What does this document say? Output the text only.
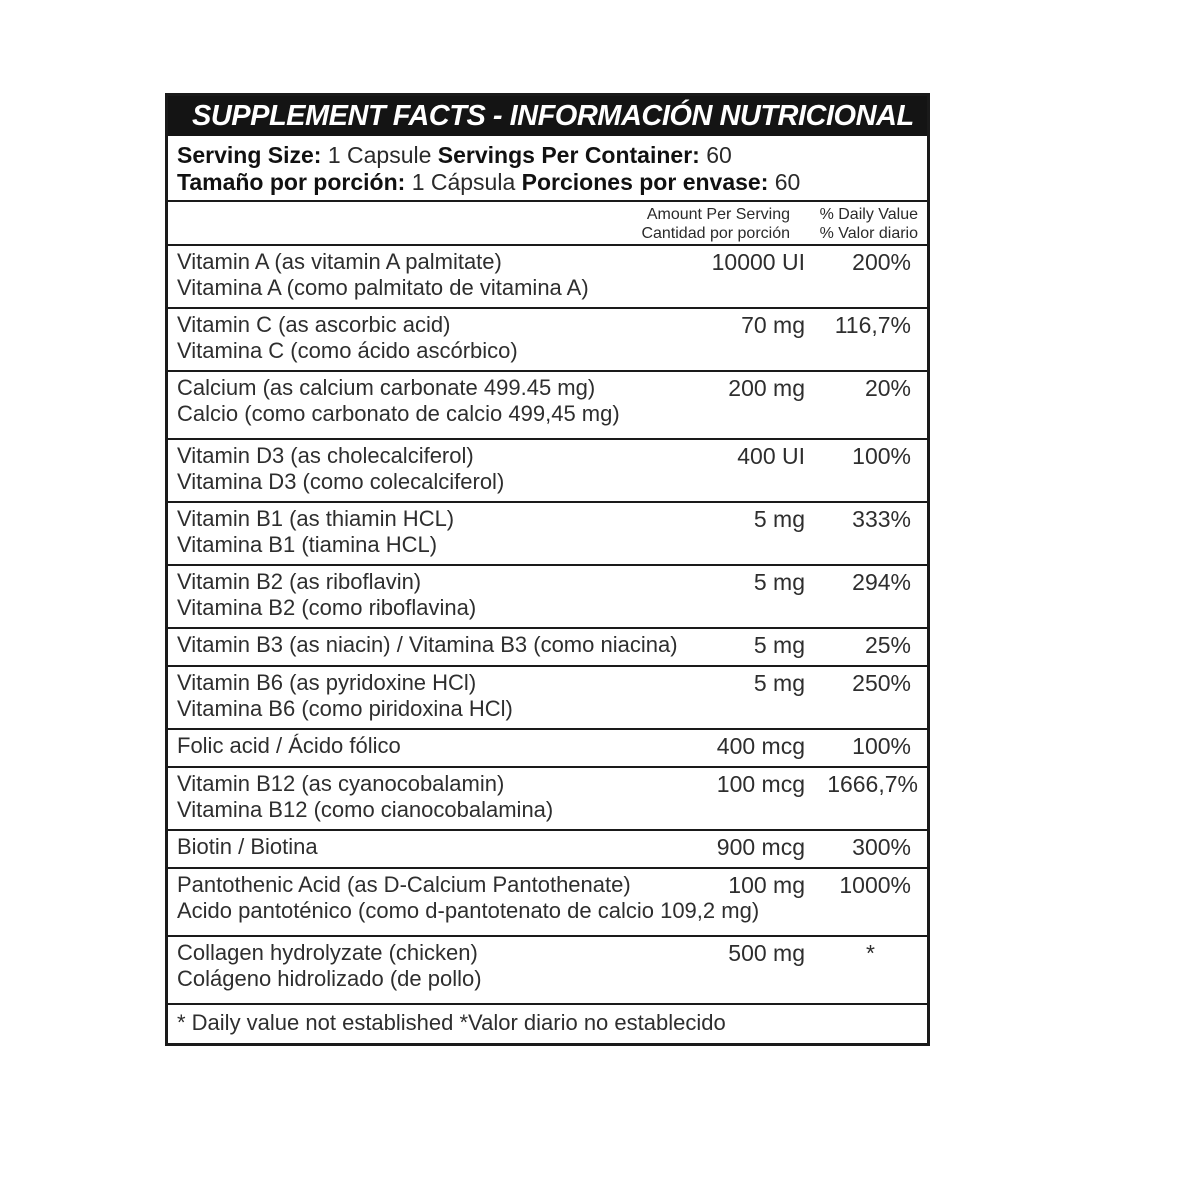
SUPPLEMENT FACTS - INFORMACIÓN NUTRICIONAL
Serving Size: 1 Capsule Servings Per Container: 60
Tamaño por porción: 1 Cápsula Porciones por envase: 60
Amount Per Serving
Cantidad por porción
% Daily Value
% Valor diario
Vitamin A (as vitamin A palmitate)
Vitamina A (como palmitato de vitamina A)
10000 UI 200%
Vitamin C (as ascorbic acid)
Vitamina C (como ácido ascórbico)
70 mg 116,7%
Calcium (as calcium carbonate 499.45 mg)
Calcio (como carbonato de calcio 499,45 mg)
200 mg	20%
Vitamin D3 (as cholecalciferol)
Vitamina D3 (como colecalciferol)
400 UI 100%
Vitamin B1 (as thiamin HCL)
Vitamina B1 (tiamina HCL)
5 mg 333%
Vitamin B2 (as riboflavin)
Vitamina B2 (como riboflavina)
5 mg 294%
Vitamin B3 (as niacin) / Vitamina B3 (como niacina)	5 mg	25%
Vitamin B6 (as pyridoxine HCl)
Vitamina B6 (como piridoxina HCl)
5 mg 250%
Folic acid / Ácido fólico	400 mcg 100%
Vitamin B12 (as cyanocobalamin)
Vitamina B12 (como cianocobalamina)
100 mcg 1666,7%
Biotin / Biotina	900 mcg 300%
Pantothenic Acid (as D-Calcium Pantothenate)
Acido pantoténico (como d-pantotenato de calcio 109,2 mg)
100 mg 1000%
Collagen hydrolyzate (chicken)
Colágeno hidrolizado (de pollo)
500 mg	*
* Daily value not established *Valor diario no establecido
